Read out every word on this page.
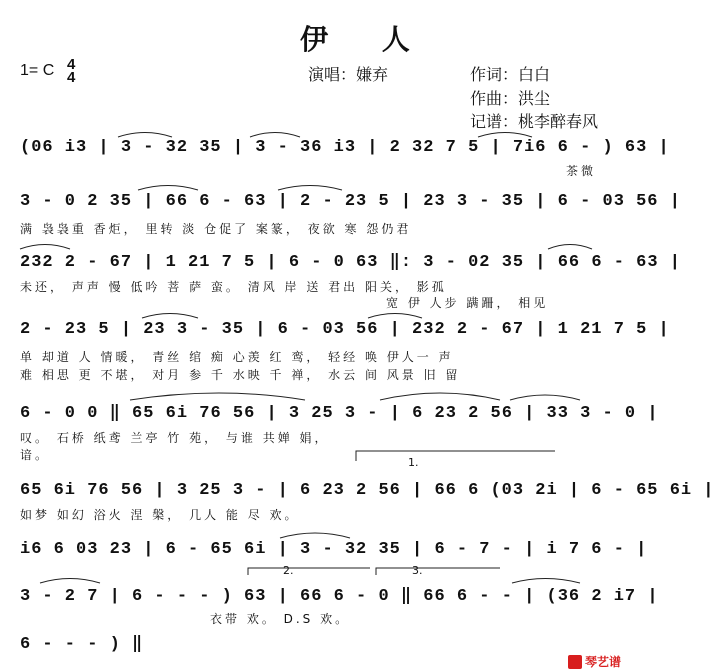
伊 人
1= C 4
4	演唱：嫌弃	作词：白白
作曲：洪尘
记谱：桃李醉春风
(06 i3 | 3 - 32 35 | 3 - 36 i3 | 2 32 7 5 | 7i6 6 - ) 63 |
茶微
3 - 0 2 35 | 66 6 - 63 | 2 - 23 5 | 23 3 - 35 | 6 - 03 56 |
满 袅袅重 香炬， 里转 淡 仓促了 案篆， 夜欲 寒 怨仍君
232 2 - 67 | 1 21 7 5 | 6 - 0 63 ‖: 3 - 02 35 | 66 6 - 63 |
未还， 声声 慢 低吟 菩 萨 蛮。 清风 岸 送 君出 阳关， 影孤
宽 伊 人步 蹒跚， 相见
2 - 23 5 | 23 3 - 35 | 6 - 03 56 | 232 2 - 67 | 1 21 7 5 |
单 却道 人 情暖， 青丝 绾 痴 心羡 红 鸾， 轻经 唤 伊人一 声
难 相思 更 不堪， 对月 参 千 水映 千 禅， 水云 间 风景 旧 留
6 - 0 0 ‖ 65 6i 76 56 | 3 25 3 - | 6 23 2 56 | 33 3 - 0 |
叹。 石桥 纸鸢 兰亭 竹 苑， 与谁 共婵 娟，
谙。
65 6i 76 56 | 3 25 3 - | 6 23 2 56 | 66 6 (03 2i | 6 - 65 6i |
如梦 如幻 浴火 涅 槃， 几人 能 尽 欢。
i6 6 03 23 | 6 - 65 6i | 3 - 32 35 | 6 - 7 - | i 7 6 - |
3 - 2 7 | 6 - - - ) 63 | 66 6 - 0 ‖ 66 6 - - | (36 2 i7 |
衣带 欢。 D.S 欢。
6 - - - ) ‖
1.
2.	3.
琴艺谱
